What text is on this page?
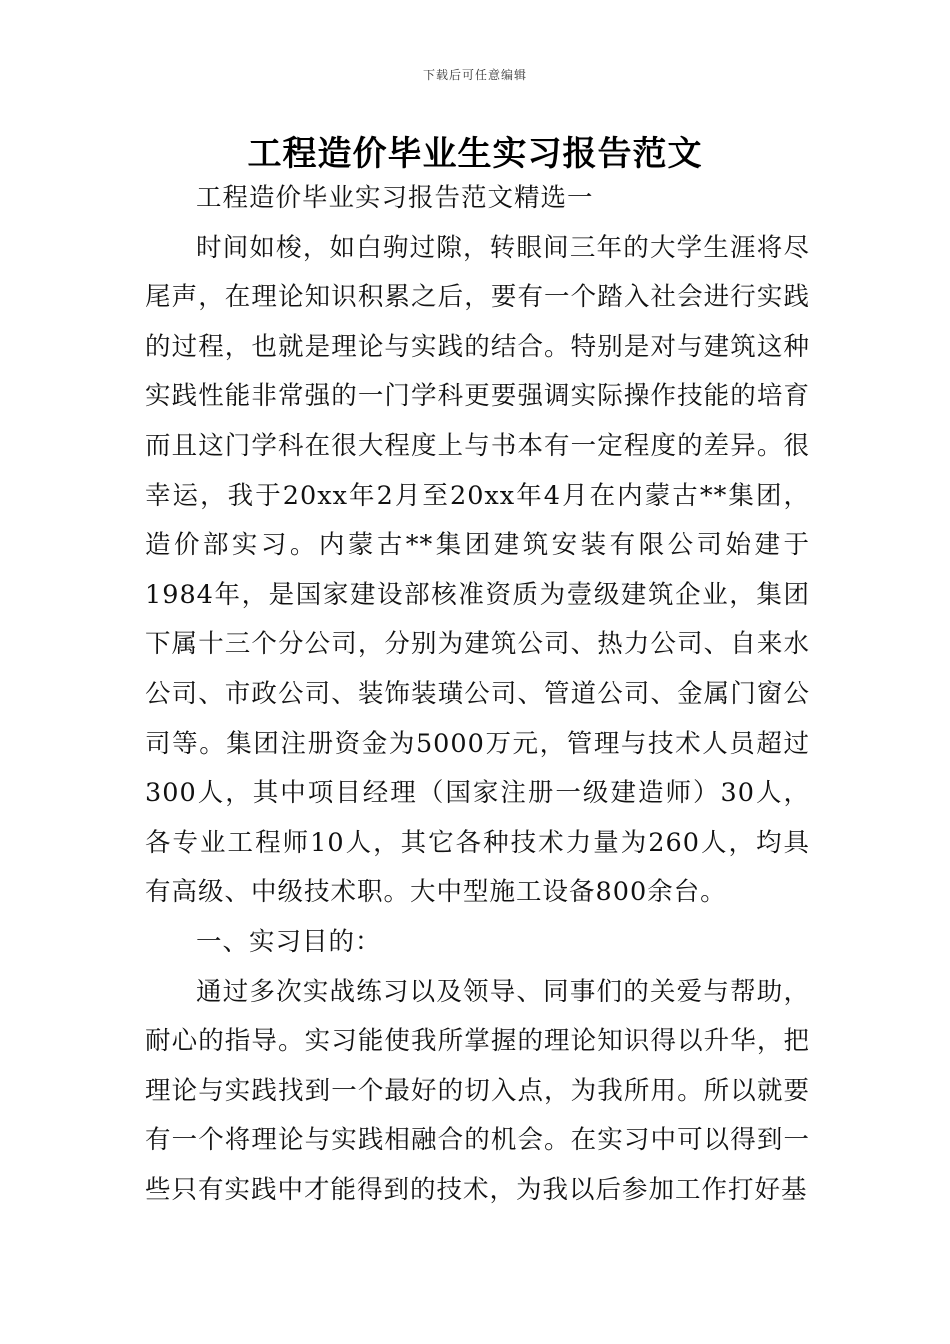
下载后可任意编辑
工程造价毕业生实习报告范文

工程造价毕业实习报告范文精选一

时间如梭，如白驹过隙，转眼间三年的大学生涯将尽尾声，在理论知识积累之后，要有一个踏入社会进行实践的过程，也就是理论与实践的结合。特别是对与建筑这种实践性能非常强的一门学科更要强调实际操作技能的培育而且这门学科在很大程度上与书本有一定程度的差异。很幸运，我于20xx年2月至20xx年4月在内蒙古**集团，造价部实习。内蒙古**集团建筑安装有限公司始建于1984年，是国家建设部核准资质为壹级建筑企业，集团下属十三个分公司，分别为建筑公司、热力公司、自来水公司、市政公司、装饰装璜公司、管道公司、金属门窗公司等。集团注册资金为5000万元，管理与技术人员超过300人，其中项目经理（国家注册一级建造师）30人，各专业工程师10人，其它各种技术力量为260人，均具有高级、中级技术职。大中型施工设备800余台。

一、实习目的：

通过多次实战练习以及领导、同事们的关爱与帮助，耐心的指导。实习能使我所掌握的理论知识得以升华，把理论与实践找到一个最好的切入点，为我所用。所以就要有一个将理论与实践相融合的机会。在实习中可以得到一些只有实践中才能得到的技术，为我以后参加工作打好基
